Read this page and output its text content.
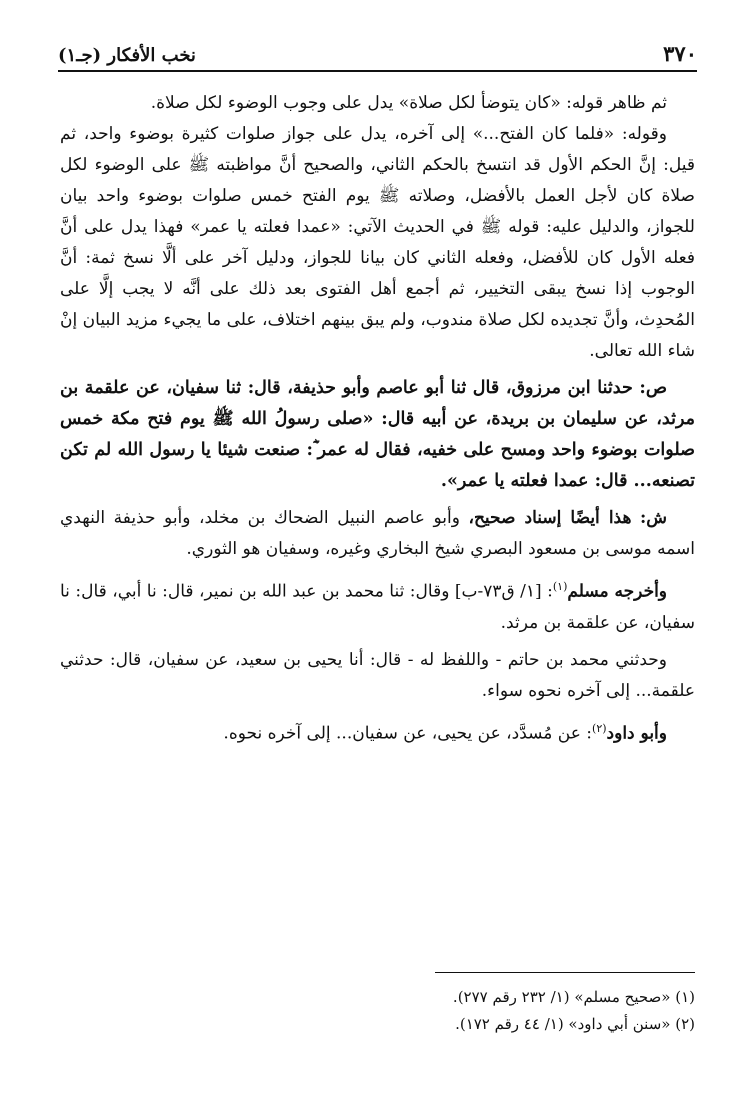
٣٧٠
نخب الأفكار (جـ١)

ثم ظاهر قوله: «كان يتوضأ لكل صلاة» يدل على وجوب الوضوء لكل صلاة.

وقوله: «فلما كان الفتح...» إلى آخره، يدل على جواز صلوات كثيرة بوضوء واحد، ثم قيل: إنَّ الحكم الأول قد انتسخ بالحكم الثاني، والصحيح أنَّ مواظبته ﷺ على الوضوء لكل صلاة كان لأجل العمل بالأفضل، وصلاته ﷺ يوم الفتح خمس صلوات بوضوء واحد بيان للجواز، والدليل عليه: قوله ﷺ في الحديث الآتي: «عمدا فعلته يا عمر» فهذا يدل على أنَّ فعله الأول كان للأفضل، وفعله الثاني كان بيانا للجواز، ودليل آخر على ألَّا نسخ ثمة: أنَّ الوجوب إذا نسخ يبقى التخيير، ثم أجمع أهل الفتوى بعد ذلك على أنَّه لا يجب إلَّا على المُحدِث، وأنَّ تجديده لكل صلاة مندوب، ولم يبق بينهم اختلاف، على ما يجيء مزيد البيان إنْ شاء الله تعالى.

ص: حدثنا ابن مرزوق، قال ثنا أبو عاصم وأبو حذيفة، قال: ثنا سفيان، عن علقمة بن مرثد، عن سليمان بن بريدة، عن أبيه قال: «صلى رسولُ الله ﷺ يوم فتح مكة خمس صلوات بوضوء واحد ومسح على خفيه، فقال له عمر ؓ: صنعت شيئا يا رسول الله لم تكن تصنعه... قال: عمدا فعلته يا عمر».

ش: هذا أيضًا إسناد صحيح، وأبو عاصم النبيل الضحاك بن مخلد، وأبو حذيفة النهدي اسمه موسى بن مسعود البصري شيخ البخاري وغيره، وسفيان هو الثوري.

وأخرجه مسلم$^{(١)}$: [١/ ق٧٣-ب] وقال: ثنا محمد بن عبد الله بن نمير، قال: نا أبي، قال: نا سفيان، عن علقمة بن مرثد.

وحدثني محمد بن حاتم - واللفظ له - قال: أنا يحيى بن سعيد، عن سفيان، قال: حدثني علقمة... إلى آخره نحوه سواء.

وأبو داود$^{(٢)}$: عن مُسدَّد، عن يحيى، عن سفيان... إلى آخره نحوه.

(١) «صحيح مسلم» (١/ ٢٣٢ رقم ٢٧٧).

(٢) «سنن أبي داود» (١/ ٤٤ رقم ١٧٢).
